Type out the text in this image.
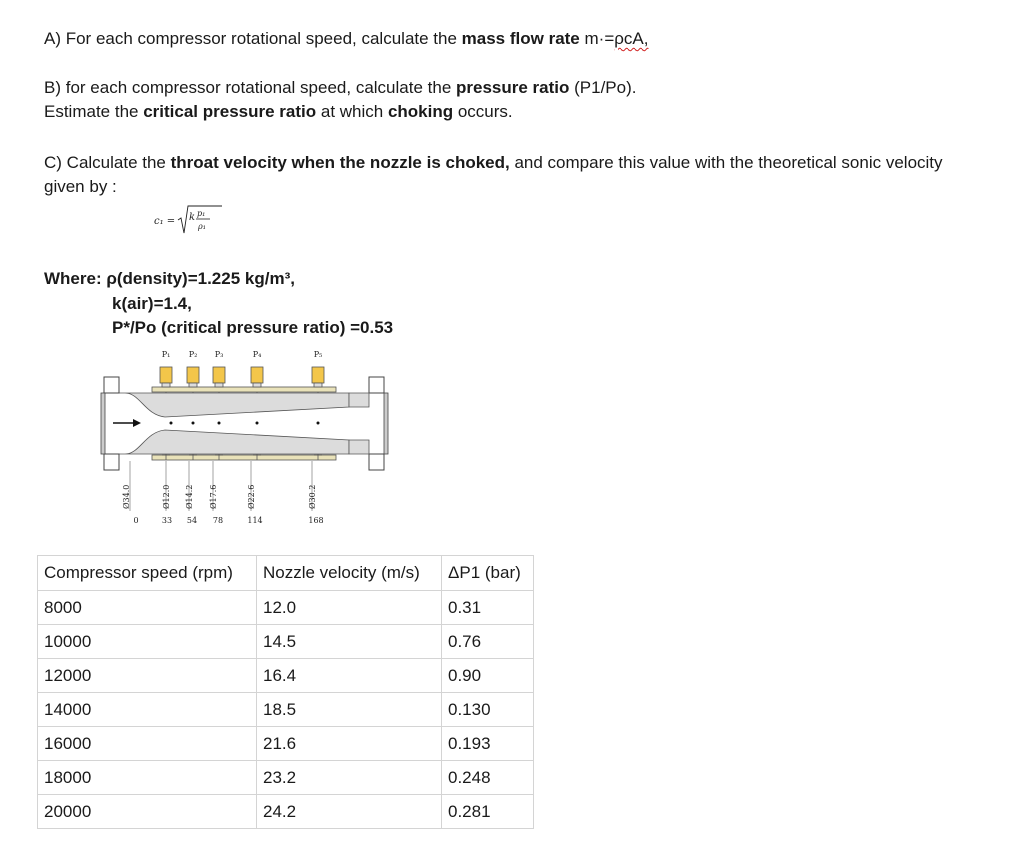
A) For each compressor rotational speed, calculate the mass flow rate m·=ρcA,
B) for each compressor rotational speed, calculate the pressure ratio (P1/Po).
Estimate the critical pressure ratio at which choking occurs.
C) Calculate the throat velocity when the nozzle is choked, and compare this value with the theoretical sonic velocity
given by :
c₁ = k p₁
ρ₁
Where: ρ(density)=1.225 kg/m³,
k(air)=1.4,
P*/Po (critical pressure ratio) =0.53
P₁ P₂ P₃	P₄	P₅
Ø34.0	Ø12.0 Ø14.2 Ø17.6	Ø22.6	Ø30.2
0	33 54 78	114	168
Compressor speed (rpm)	Nozzle velocity (m/s)	ΔP1 (bar)
8000	12.0	0.31
10000	14.5	0.76
12000	16.4	0.90
14000	18.5	0.130
16000	21.6	0.193
18000	23.2	0.248
20000	24.2	0.281
